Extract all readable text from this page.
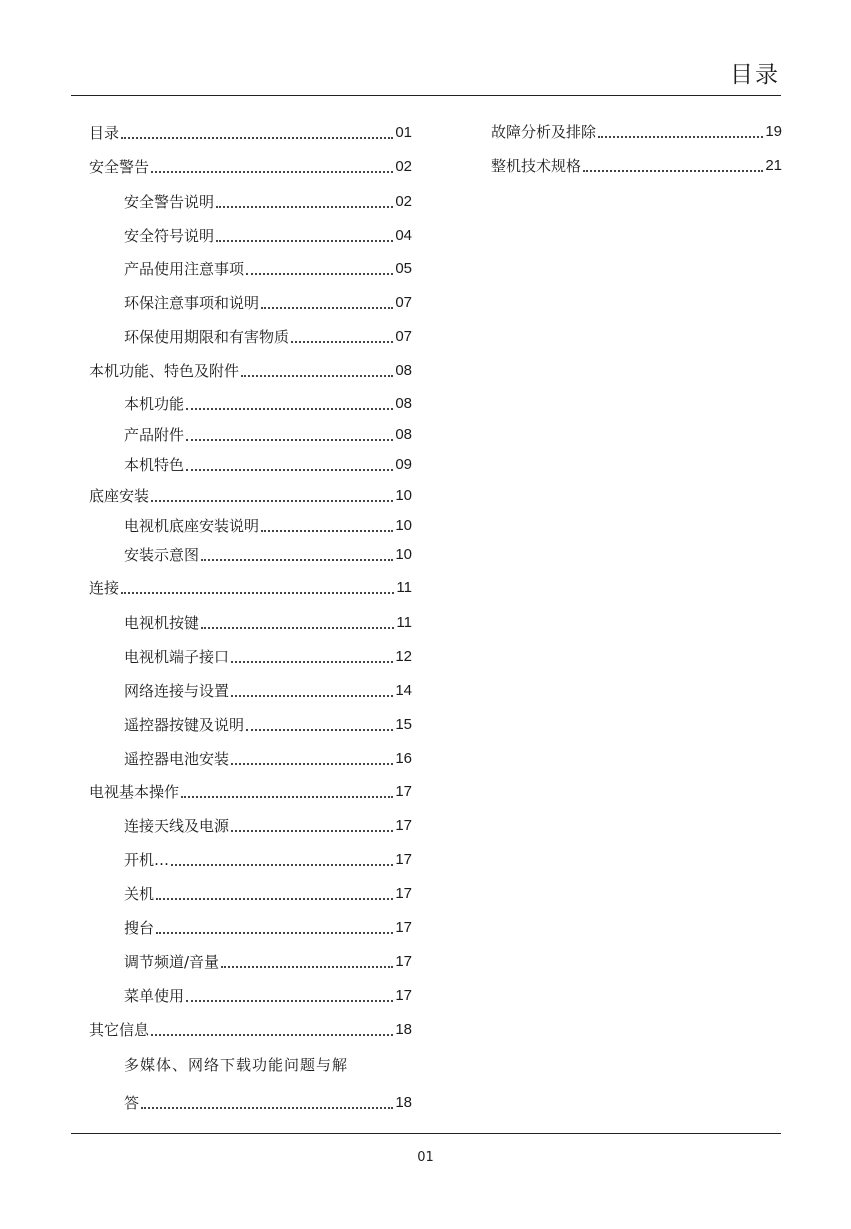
目录
目录	01
安全警告	02
安全警告说明	02
安全符号说明	04
产品使用注意事项	05
环保注意事项和说明	07
环保使用期限和有害物质	07
本机功能、特色及附件	08
本机功能	08
产品附件	08
本机特色	09
底座安装	10
电视机底座安装说明	10
安装示意图	10
连接	11
电视机按键	11
电视机端子接口	12
网络连接与设置	14
遥控器按键及说明	15
遥控器电池安装	16
电视基本操作	17
连接天线及电源	17
开机…	17
关机	17
搜台	17
调节频道/音量	17
菜单使用	17
其它信息	18
多媒体、网络下载功能问题与解
答	18
故障分析及排除	19
整机技术规格	21
01
